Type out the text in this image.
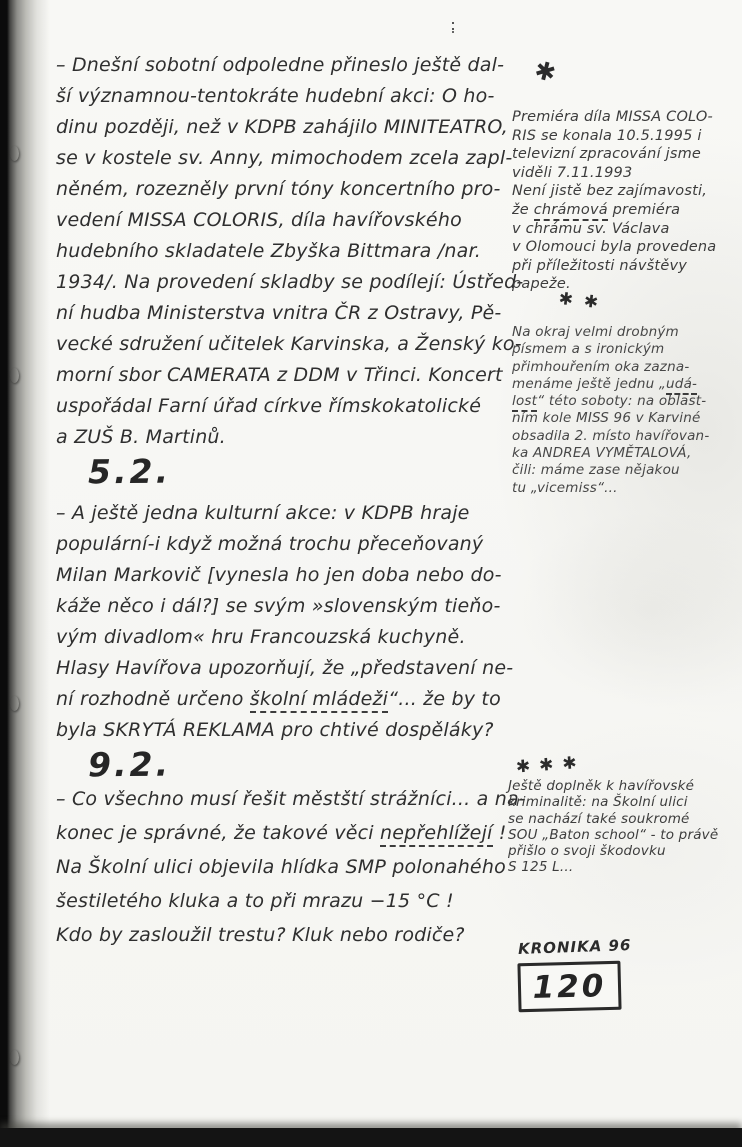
– Dnešní sobotní odpoledne přineslo ještě dal-
ší významnou-tentokráte hudební akci: O ho-
dinu později, než v KDPB zahájilo MINITEATRO,
se v kostele sv. Anny, mimochodem zcela zapl-
něném, rozezněly první tóny koncertního pro-
vedení MISSA COLORIS, díla havířovského
hudebního skladatele Zbyška Bittmara /nar.
1934/. Na provedení skladby se podílejí: Ústřed-
ní hudba Ministerstva vnitra ČR z Ostravy, Pě-
vecké sdružení učitelek Karvinska, a Ženský ko-
morní sbor CAMERATA z DDM v Třinci. Koncert
uspořádal Farní úřad církve římskokatolické
a ZUŠ B. Martinů.
5.2.
– A ještě jedna kulturní akce: v KDPB hraje
populární-i když možná trochu přeceňovaný
Milan Markovič [vynesla ho jen doba nebo do-
káže něco i dál?] se svým »slovenským tieňo-
vým divadlom« hru Francouzská kuchyně.
Hlasy Havířova upozorňují, že „představení ne-
ní rozhodně určeno školní mládeži“... že by to
byla SKRYTÁ REKLAMA pro chtivé dospěláky?
9.2.
– Co všechno musí řešit městští strážníci... a na-
konec je správné, že takové věci nepřehlížejí !
Na Školní ulici objevila hlídka SMP polonahého
šestiletého kluka a to při mrazu −15 °C !
Kdo by zasloužil trestu? Kluk nebo rodiče?
✱
Premiéra díla MISSA COLO-
RIS se konala 10.5.1995 i
televizní zpracování jsme
viděli 7.11.1993
Není jistě bez zajímavosti,
že chrámová premiéra
v chrámu sv. Václava
v Olomouci byla provedena
při příležitosti návštěvy
papeže.
✱✱
Na okraj velmi drobným
písmem a s ironickým
přimhouřením oka zazna-
menáme ještě jednu „udá-
lost“ této soboty: na oblast-
ním kole MISS 96 v Karviné
obsadila 2. místo havířovan-
ka ANDREA VYMĚTALOVÁ,
čili: máme zase nějakou
tu „vicemiss“...
✱✱✱
Ještě doplněk k havířovské
kriminalitě: na Školní ulici
se nachází také soukromé
SOU „Baton school“ - to právě
přišlo o svoji škodovku
S 125 L...
KRONIKA 96
120
